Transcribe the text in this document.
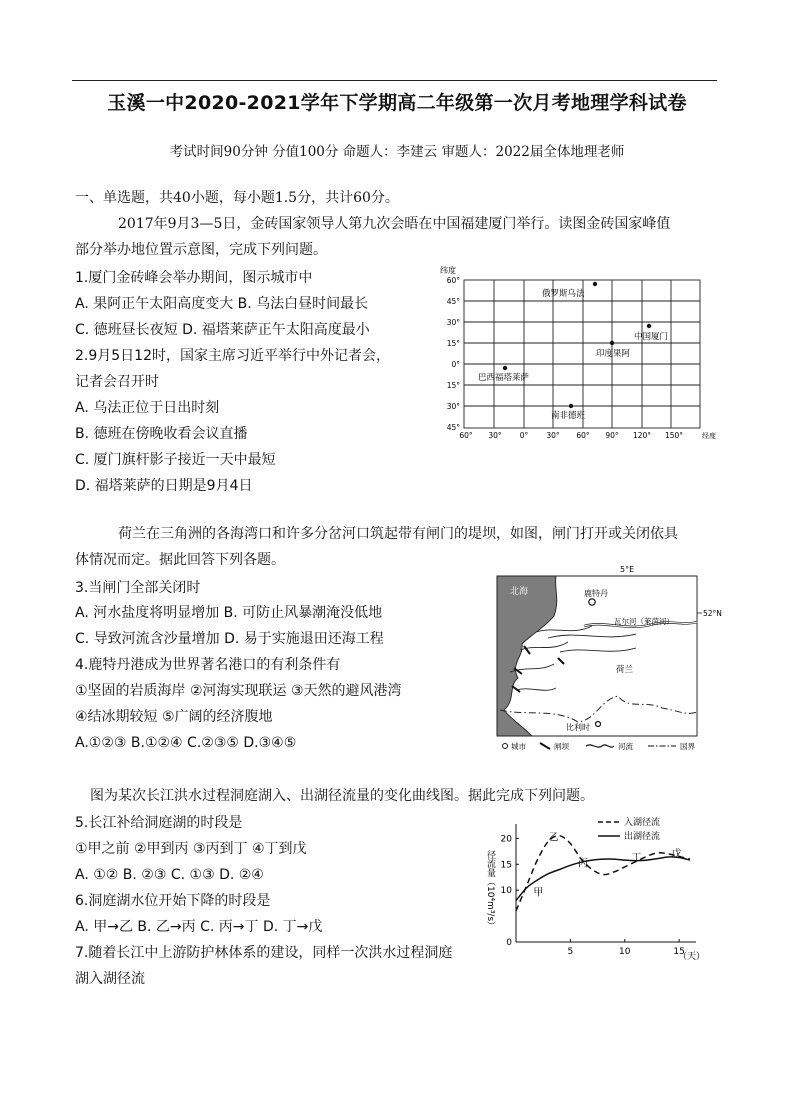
玉溪一中2020-2021学年下学期高二年级第一次月考地理学科试卷
考试时间90分钟 分值100分 命题人：李建云 审题人：2022届全体地理老师
一、单选题，共40小题，每小题1.5分，共计60分。
2017年9月3—5日，金砖国家领导人第九次会晤在中国福建厦门举行。读图金砖国家峰值
部分举办地位置示意图，完成下列问题。
1.厦门金砖峰会举办期间，图示城市中
A. 果阿正午太阳高度变大 B. 乌法白昼时间最长
C. 德班昼长夜短 D. 福塔莱萨正午太阳高度最小
2.9月5日12时，国家主席习近平举行中外记者会，
记者会召开时
A. 乌法正位于日出时刻
B. 德班在傍晚收看会议直播
C. 厦门旗杆影子接近一天中最短
D. 福塔莱萨的日期是9月4日
纬度
60°
45°
30°
15°
0°
15°
30°
45°
60° 30° 0° 30° 60° 90° 120° 150°	经度
俄罗斯乌法
中国厦门
印度果阿
巴西福塔莱萨
南非德班
荷兰在三角洲的各海湾口和许多分岔河口筑起带有闸门的堤坝，如图，闸门打开或关闭依具
体情况而定。据此回答下列各题。
3.当闸门全部关闭时
A. 河水盐度将明显增加 B. 可防止风暴潮淹没低地
C. 导致河流含沙量增加 D. 易于实施退田还海工程
4.鹿特丹港成为世界著名港口的有利条件有
①坚固的岩质海岸 ②河海实现联运 ③天然的避风港湾
④结冰期较短 ⑤广阔的经济腹地
A.①②③ B.①②④ C.②③⑤ D.③④⑤
5°E
52°N
北海	鹿特丹
瓦尔河（莱茵河）
荷兰
比利时
城市	闸坝	河流	国界
图为某次长江洪水过程洞庭湖入、出湖径流量的变化曲线图。据此完成下列问题。
5.长江补给洞庭湖的时段是
①甲之前 ②甲到丙 ③丙到丁 ④丁到戊
A. ①② B. ②③ C. ①③ D. ②④
6.洞庭湖水位开始下降的时段是
A. 甲→乙 B. 乙→丙 C. 丙→丁 D. 丁→戊
7.随着长江中上游防护林体系的建设，同样一次洪水过程洞庭
湖入湖径流
0
10
15
20
5	10	15
甲
乙
丙	丁	戊
径流量（10⁴m³/s）
（天）
入湖径流
出湖径流
